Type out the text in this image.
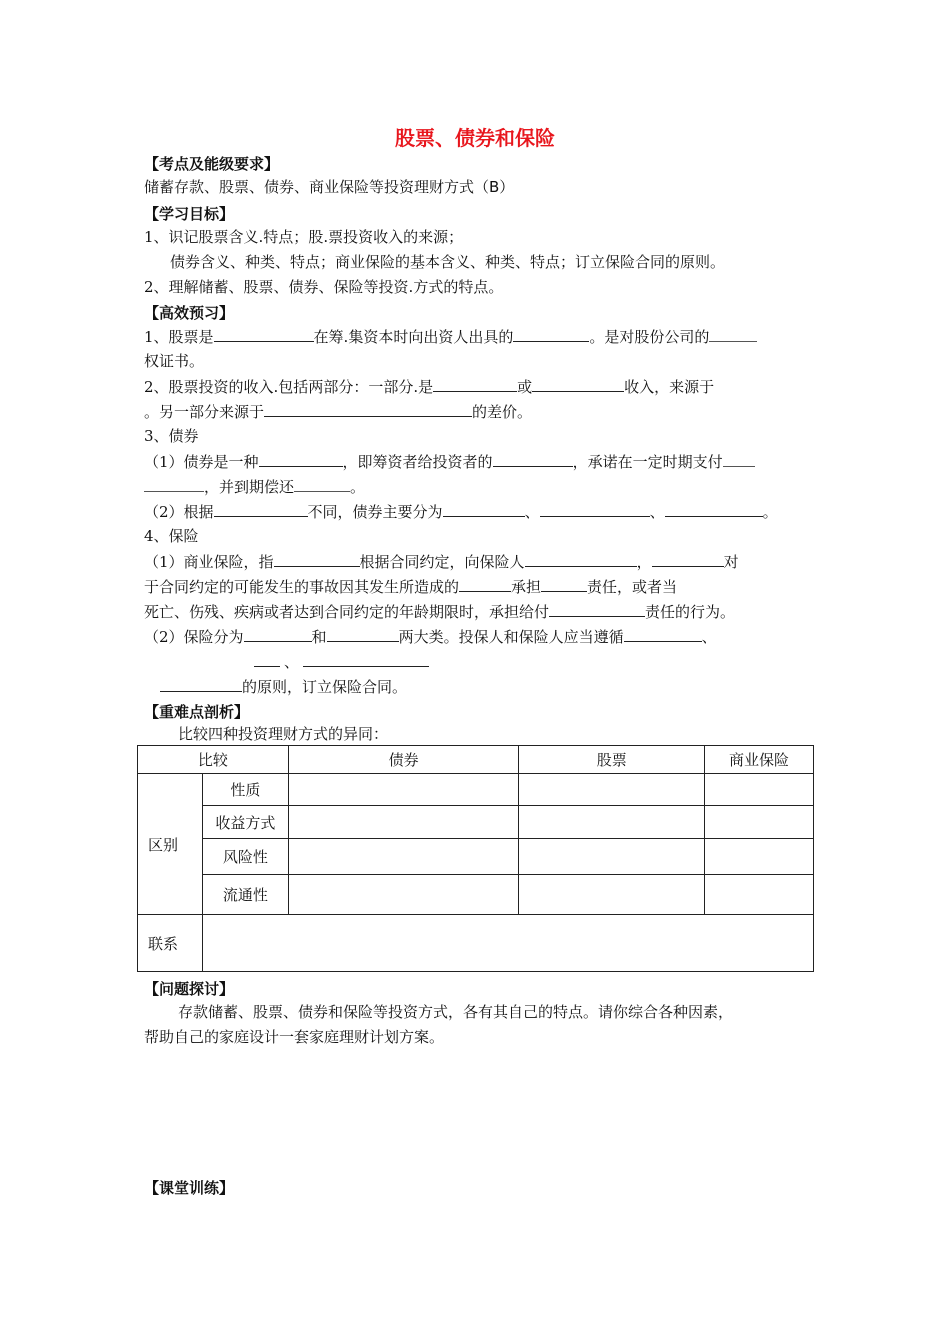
股票、债券和保险
【考点及能级要求】
储蓄存款、股票、债券、商业保险等投资理财方式（B）
【学习目标】
1、识记股票含义.特点；股.票投资收入的来源；
债券含义、种类、特点；商业保险的基本含义、种类、特点；订立保险合同的原则。
2、理解储蓄、股票、债券、保险等投资.方式的特点。
【高效预习】
1、股票是	在筹.集资本时向出资人出具的	。是对股份公司的
权证书。
2、股票投资的收入.包括两部分：一部分.是	或	收入，来源于
。另一部分来源于	的差价。
3、债券
（1）债券是一种	，即筹资者给投资者的	，承诺在一定时期支付
，并到期偿还	。
（2）根据	不同，债券主要分为	、	、	。
4、保险
（1）商业保险，指	根据合同约定，向保险人	，	对
于合同约定的可能发生的事故因其发生所造成的	承担	责任，或者当
死亡、伤残、疾病或者达到合同约定的年龄期限时，承担给付	责任的行为。
（2）保险分为	和	两大类。投保人和保险人应当遵循	、
、
的原则，订立保险合同。
【重难点剖析】
比较四种投资理财方式的异同：
比较		债券	股票	商业保险
区别	性质			
	收益方式			
	风险性			
	流通性			
联系				
【问题探讨】
存款储蓄、股票、债券和保险等投资方式，各有其自己的特点。请你综合各种因素，
帮助自己的家庭设计一套家庭理财计划方案。
【课堂训练】
